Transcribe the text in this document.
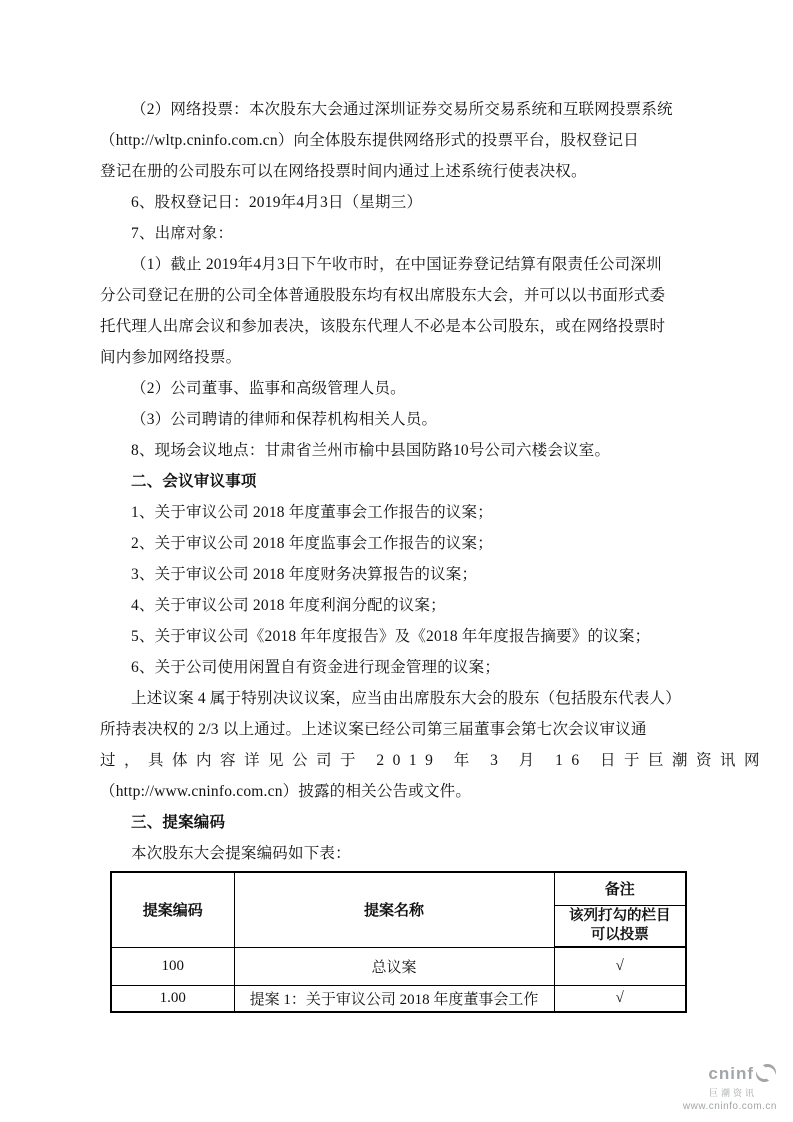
（2）网络投票：本次股东大会通过深圳证券交易所交易系统和互联网投票系统
（http://wltp.cninfo.com.cn）向全体股东提供网络形式的投票平台，股权登记日
登记在册的公司股东可以在网络投票时间内通过上述系统行使表决权。
6、股权登记日：2019年4月3日（星期三）
7、出席对象：
（1）截止 2019年4月3日下午收市时，在中国证券登记结算有限责任公司深圳
分公司登记在册的公司全体普通股股东均有权出席股东大会，并可以以书面形式委
托代理人出席会议和参加表决，该股东代理人不必是本公司股东，或在网络投票时
间内参加网络投票。
（2）公司董事、监事和高级管理人员。
（3）公司聘请的律师和保荐机构相关人员。
8、现场会议地点：甘肃省兰州市榆中县国防路10号公司六楼会议室。
二、会议审议事项
1、关于审议公司 2018 年度董事会工作报告的议案；
2、关于审议公司 2018 年度监事会工作报告的议案；
3、关于审议公司 2018 年度财务决算报告的议案；
4、关于审议公司 2018 年度利润分配的议案；
5、关于审议公司《2018 年年度报告》及《2018 年年度报告摘要》的议案；
6、关于公司使用闲置自有资金进行现金管理的议案；
上述议案 4 属于特别决议议案，应当由出席股东大会的股东（包括股东代表人）
所持表决权的 2/3 以上通过。上述议案已经公司第三届董事会第七次会议审议通
过，具体内容详见公司于 2019 年 3 月 16 日于巨潮资讯网
（http://www.cninfo.com.cn）披露的相关公告或文件。
三、提案编码
本次股东大会提案编码如下表：
提案编码	提案名称	备注

		该列打勾的栏目
可以投票

100	总议案	√
1.00	提案 1：关于审议公司 2018 年度董事会工作	√
cninf
巨潮资讯
www.cninfo.com.cn
